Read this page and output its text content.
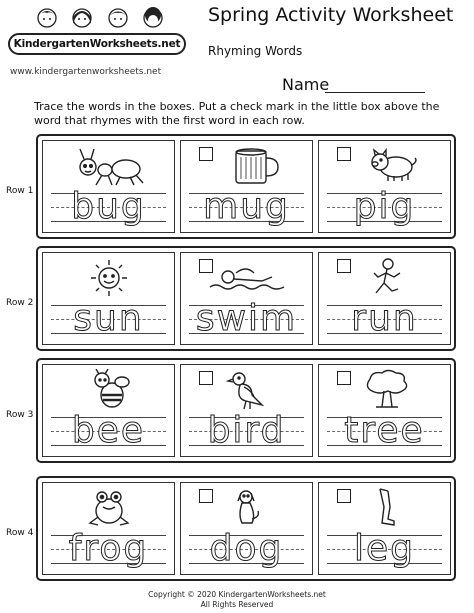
KindergartenWorksheets.net
www.kindergartenworksheets.net
Spring Activity Worksheet
Rhyming Words
Name
Trace the words in the boxes. Put a check mark in the little box above the word that rhymes with the first word in each row.
Row 1	bug	mug	pig
Row 2	sun	swim	run
Row 3	bee	bird	tree
Row 4 frog	dog	leg
Copyright © 2020 KindergartenWorksheets.net
All Rights Reserved
